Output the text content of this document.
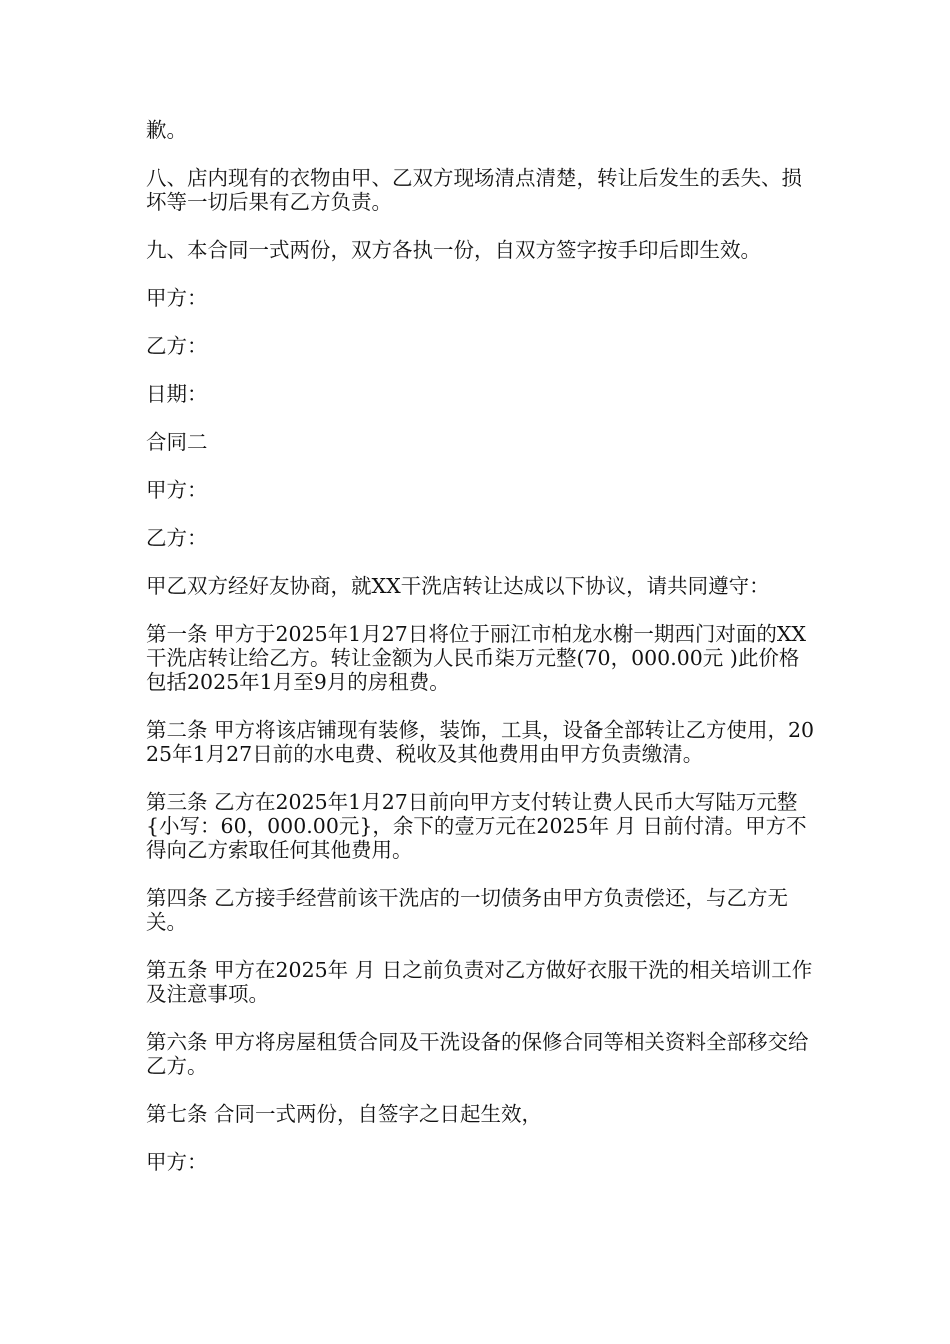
歉。

八、店内现有的衣物由甲、乙双方现场清点清楚，转让后发生的丢失、损坏等一切后果有乙方负责。

九、本合同一式两份，双方各执一份，自双方签字按手印后即生效。

甲方：

乙方：

日期：

合同二

甲方：

乙方：

甲乙双方经好友协商，就XX干洗店转让达成以下协议，请共同遵守：

第一条 甲方于2025年1月27日将位于丽江市柏龙水榭一期西门对面的XX干洗店转让给乙方。转让金额为人民币柒万元整(70，000.00元 )此价格包括2025年1月至9月的房租费。

第二条 甲方将该店铺现有装修，装饰，工具，设备全部转让乙方使用，2025年1月27日前的水电费、税收及其他费用由甲方负责缴清。

第三条 乙方在2025年1月27日前向甲方支付转让费人民币大写陆万元整{小写：60，000.00元}，余下的壹万元在2025年 月 日前付清。甲方不得向乙方索取任何其他费用。

第四条 乙方接手经营前该干洗店的一切债务由甲方负责偿还，与乙方无关。

第五条 甲方在2025年 月 日之前负责对乙方做好衣服干洗的相关培训工作及注意事项。

第六条 甲方将房屋租赁合同及干洗设备的保修合同等相关资料全部移交给乙方。

第七条 合同一式两份，自签字之日起生效，

甲方：
